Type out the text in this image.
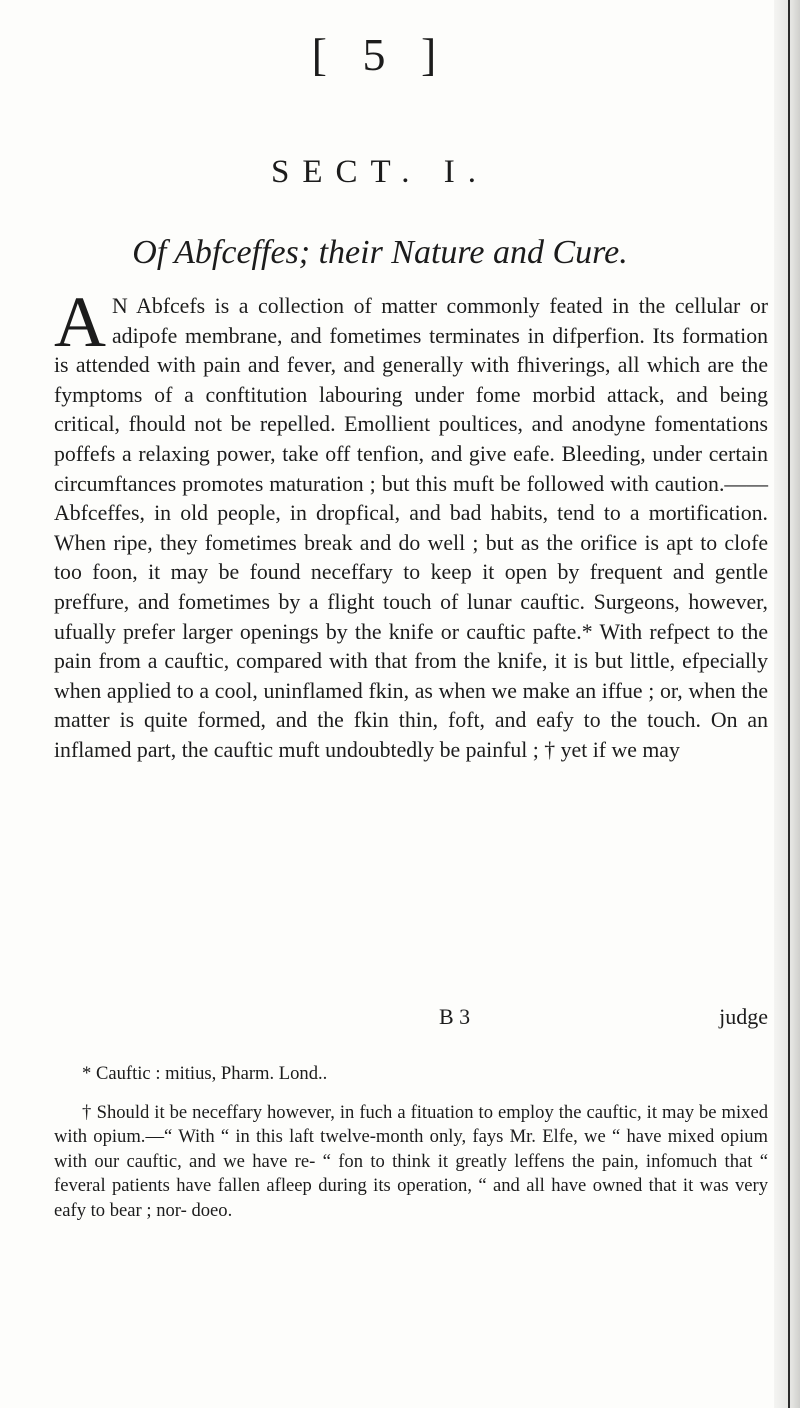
[ 5 ]
SECT. I.
Of Abfceffes; their Nature and Cure.
A N Abfcefs is a collection of matter commonly feated in the cellular or adipofe membrane, and fometimes terminates in difperfion. Its formation is attended with pain and fever, and generally with fhiverings, all which are the fymptoms of a conftitution labouring under fome morbid attack, and being critical, fhould not be repelled. Emollient poultices, and anodyne fomentations poffefs a relaxing power, take off tenfion, and give eafe. Bleeding, under certain circumftances promotes maturation ; but this muft be followed with caution.——Abfceffes, in old people, in dropfical, and bad habits, tend to a mortification. When ripe, they fometimes break and do well ; but as the orifice is apt to clofe too foon, it may be found neceffary to keep it open by frequent and gentle preffure, and fometimes by a flight touch of lunar cauftic. Surgeons, however, ufually prefer larger openings by the knife or cauftic pafte.* With refpect to the pain from a cauftic, compared with that from the knife, it is but little, efpecially when applied to a cool, uninflamed fkin, as when we make an iffue ; or, when the matter is quite formed, and the fkin thin, foft, and eafy to the touch. On an inflamed part, the cauftic muft undoubtedly be painful ; † yet if we may

B 3	judge

* Cauftic : mitius, Pharm. Lond..

† Should it be neceffary however, in fuch a fituation to employ the cauftic, it may be mixed with opium.—“ With “ in this laft twelve-month only, fays Mr. Elfe, we “ have mixed opium with our cauftic, and we have re- “ fon to think it greatly leffens the pain, infomuch that “ feveral patients have fallen afleep during its operation, “ and all have owned that it was very eafy to bear ; nor- doeo.
